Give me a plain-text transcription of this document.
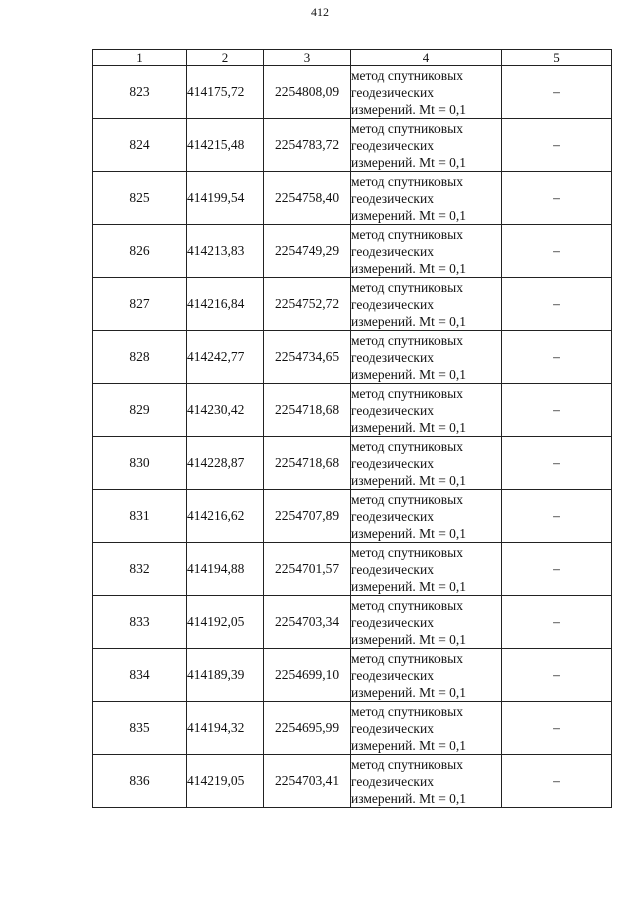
412
1	2	3	4	5
823	414175,72	2254808,09	метод спутниковых
геодезических
измерений. Mt = 0,1	–
824	414215,48	2254783,72	метод спутниковых
геодезических
измерений. Mt = 0,1	–
825	414199,54	2254758,40	метод спутниковых
геодезических
измерений. Mt = 0,1	–
826	414213,83	2254749,29	метод спутниковых
геодезических
измерений. Mt = 0,1	–
827	414216,84	2254752,72	метод спутниковых
геодезических
измерений. Mt = 0,1	–
828	414242,77	2254734,65	метод спутниковых
геодезических
измерений. Mt = 0,1	–
829	414230,42	2254718,68	метод спутниковых
геодезических
измерений. Mt = 0,1	–
830	414228,87	2254718,68	метод спутниковых
геодезических
измерений. Mt = 0,1	–
831	414216,62	2254707,89	метод спутниковых
геодезических
измерений. Mt = 0,1	–
832	414194,88	2254701,57	метод спутниковых
геодезических
измерений. Mt = 0,1	–
833	414192,05	2254703,34	метод спутниковых
геодезических
измерений. Mt = 0,1	–
834	414189,39	2254699,10	метод спутниковых
геодезических
измерений. Mt = 0,1	–
835	414194,32	2254695,99	метод спутниковых
геодезических
измерений. Mt = 0,1	–
836	414219,05	2254703,41	метод спутниковых
геодезических
измерений. Mt = 0,1	–
